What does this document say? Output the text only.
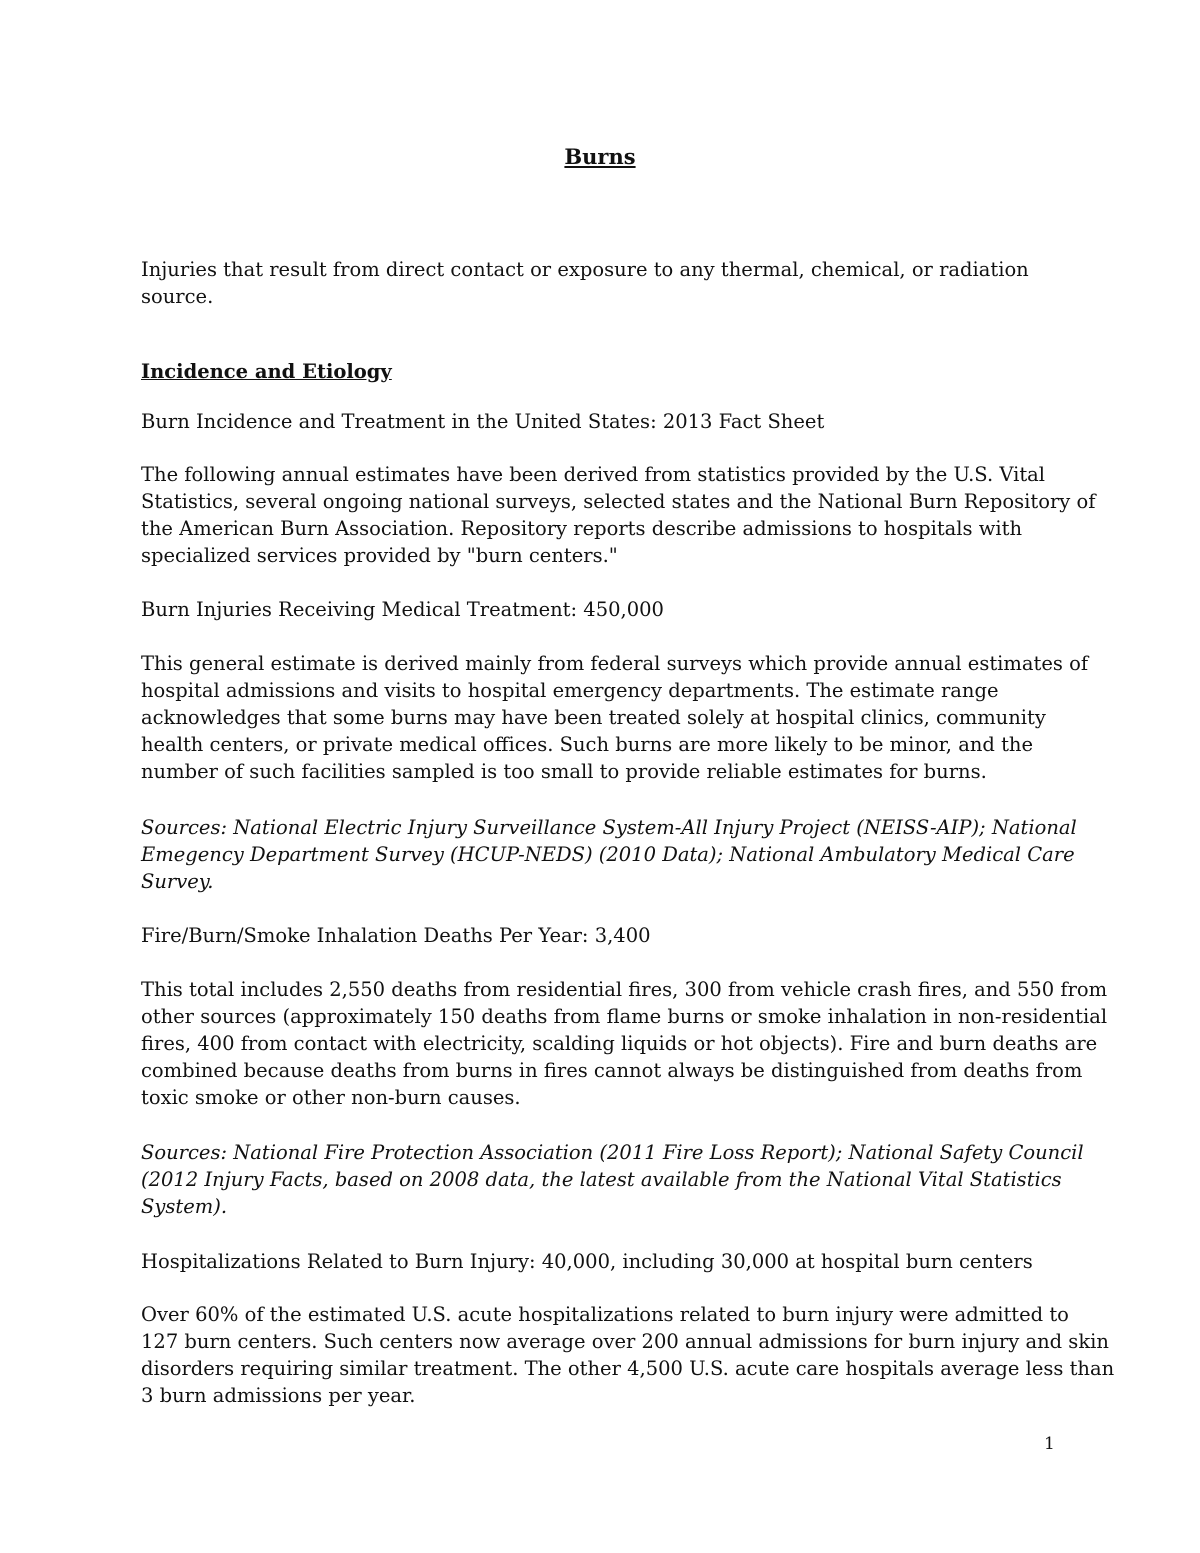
Burns

Injuries that result from direct contact or exposure to any thermal, chemical, or radiation source.

Incidence and Etiology

Burn Incidence and Treatment in the United States: 2013 Fact Sheet

The following annual estimates have been derived from statistics provided by the U.S. Vital
Statistics, several ongoing national surveys, selected states and the National Burn Repository of
the American Burn Association. Repository reports describe admissions to hospitals with
specialized services provided by "burn centers."

Burn Injuries Receiving Medical Treatment: 450,000

This general estimate is derived mainly from federal surveys which provide annual estimates of
hospital admissions and visits to hospital emergency departments. The estimate range
acknowledges that some burns may have been treated solely at hospital clinics, community
health centers, or private medical offices. Such burns are more likely to be minor, and the
number of such facilities sampled is too small to provide reliable estimates for burns.

Sources: National Electric Injury Surveillance System-All Injury Project (NEISS-AIP); National
Emegency Department Survey (HCUP-NEDS) (2010 Data); National Ambulatory Medical Care
Survey.

Fire/Burn/Smoke Inhalation Deaths Per Year: 3,400

This total includes 2,550 deaths from residential fires, 300 from vehicle crash fires, and 550 from
other sources (approximately 150 deaths from flame burns or smoke inhalation in non-residential
fires, 400 from contact with electricity, scalding liquids or hot objects). Fire and burn deaths are
combined because deaths from burns in fires cannot always be distinguished from deaths from
toxic smoke or other non-burn causes.

Sources: National Fire Protection Association (2011 Fire Loss Report); National Safety Council
(2012 Injury Facts, based on 2008 data, the latest available from the National Vital Statistics
System).

Hospitalizations Related to Burn Injury: 40,000, including 30,000 at hospital burn centers

Over 60% of the estimated U.S. acute hospitalizations related to burn injury were admitted to
127 burn centers. Such centers now average over 200 annual admissions for burn injury and skin
disorders requiring similar treatment. The other 4,500 U.S. acute care hospitals average less than
3 burn admissions per year.

1
